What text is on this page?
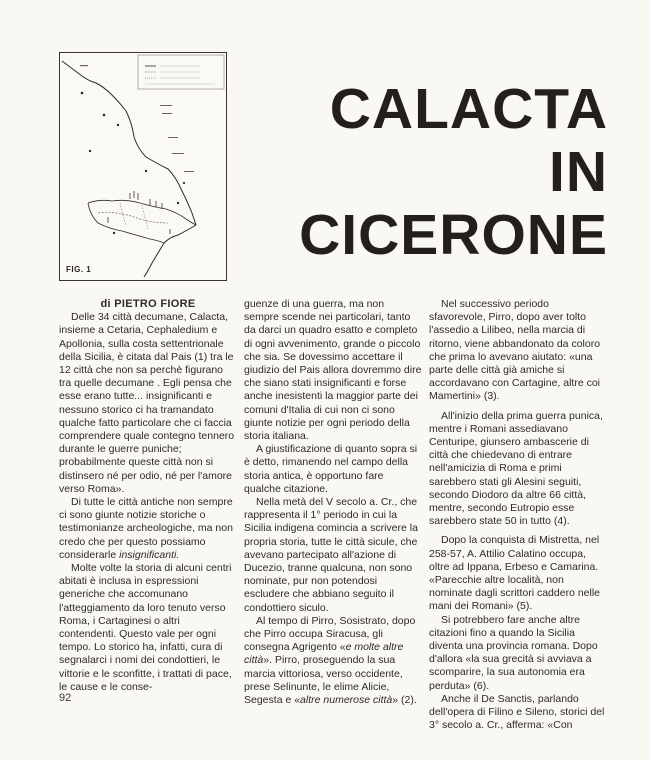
FIG. 1
CALACTA
IN
CICERONE

di PIETRO FIORE

Delle 34 città decumane, Calacta, insieme a Cetaria, Cephaledium e Apollonia, sulla costa settentrionale della Sicilia, è citata dal Pais (1) tra le 12 città che non sa perchè figurano tra quelle decumane . Egli pensa che esse erano tutte... insignificanti e nessuno storico ci ha tramandato qualche fatto particolare che ci faccia comprendere quale contegno tennero durante le guerre puniche; probabilmente queste città non si distinsero né per odio, né per l'amore verso Roma».

Di tutte le città antiche non sempre ci sono giunte notizie storiche o testimonianze archeologiche, ma non credo che per questo possiamo considerarle insignificanti.

Molte volte la storia di alcuni centri abitati è inclusa in espressioni generiche che accomunano l'atteggiamento da loro tenuto verso Roma, i Cartaginesi o altri contendenti. Questo vale per ogni tempo. Lo storico ha, infatti, cura di segnalarci i nomi dei condottieri, le vittorie e le sconfitte, i trattati di pace, le cause e le conse-

guenze di una guerra, ma non sempre scende nei particolari, tanto da darci un quadro esatto e completo di ogni avvenimento, grande o piccolo che sia. Se dovessimo accettare il giudizio del Pais allora dovremmo dire che siano stati insignificanti e forse anche inesistenti la maggior parte dei comuni d'Italia di cui non ci sono giunte notizie per ogni periodo della storia italiana.

A giustificazione di quanto sopra si è detto, rimanendo nel campo della storia antica, è opportuno fare qualche citazione.

Nella metà del V secolo a. Cr., che rappresenta il 1° periodo in cui la Sicilia indigena comincia a scrivere la propria storia, tutte le città sicule, che avevano partecipato all'azione di Ducezio, tranne qualcuna, non sono nominate, pur non potendosi escludere che abbiano seguito il condottiero siculo.

Al tempo di Pirro, Sosistrato, dopo che Pirro occupa Siracusa, gli consegna Agrigento «e molte altre città». Pirro, proseguendo la sua marcia vittoriosa, verso occidente, prese Selinunte, le elime Alicie, Segesta e «altre numerose città» (2).

Nel successivo periodo sfavorevole, Pirro, dopo aver tolto l'assedio a Lilibeo, nella marcia di ritorno, viene abbandonato da coloro che prima lo avevano aiutato: «una parte delle città già amiche si accordavano con Cartagine, altre coi Mamertini» (3).

All'inizio della prima guerra punica, mentre i Romani assediavano Centuripe, giunsero ambascerie di città che chiedevano di entrare nell'amicizia di Roma e primi sarebbero stati gli Alesini seguiti, secondo Diodoro da altre 66 città, mentre, secondo Eutropio esse sarebbero state 50 in tutto (4).

Dopo la conquista di Mistretta, nel 258-57, A. Attilio Calatino occupa, oltre ad Ippana, Erbeso e Camarina. «Parecchie altre località, non nominate dagli scrittori caddero nelle mani dei Romani» (5).

Si potrebbero fare anche altre citazioni fino a quando la Sicilia diventa una provincia romana. Dopo d'allora «la sua grecità si avviava a scomparire, la sua autonomia era perduta» (6).

Anche il De Sanctis, parlando dell'opera di Filino e Sileno, storici del 3° secolo a. Cr., afferma: «Con

92
